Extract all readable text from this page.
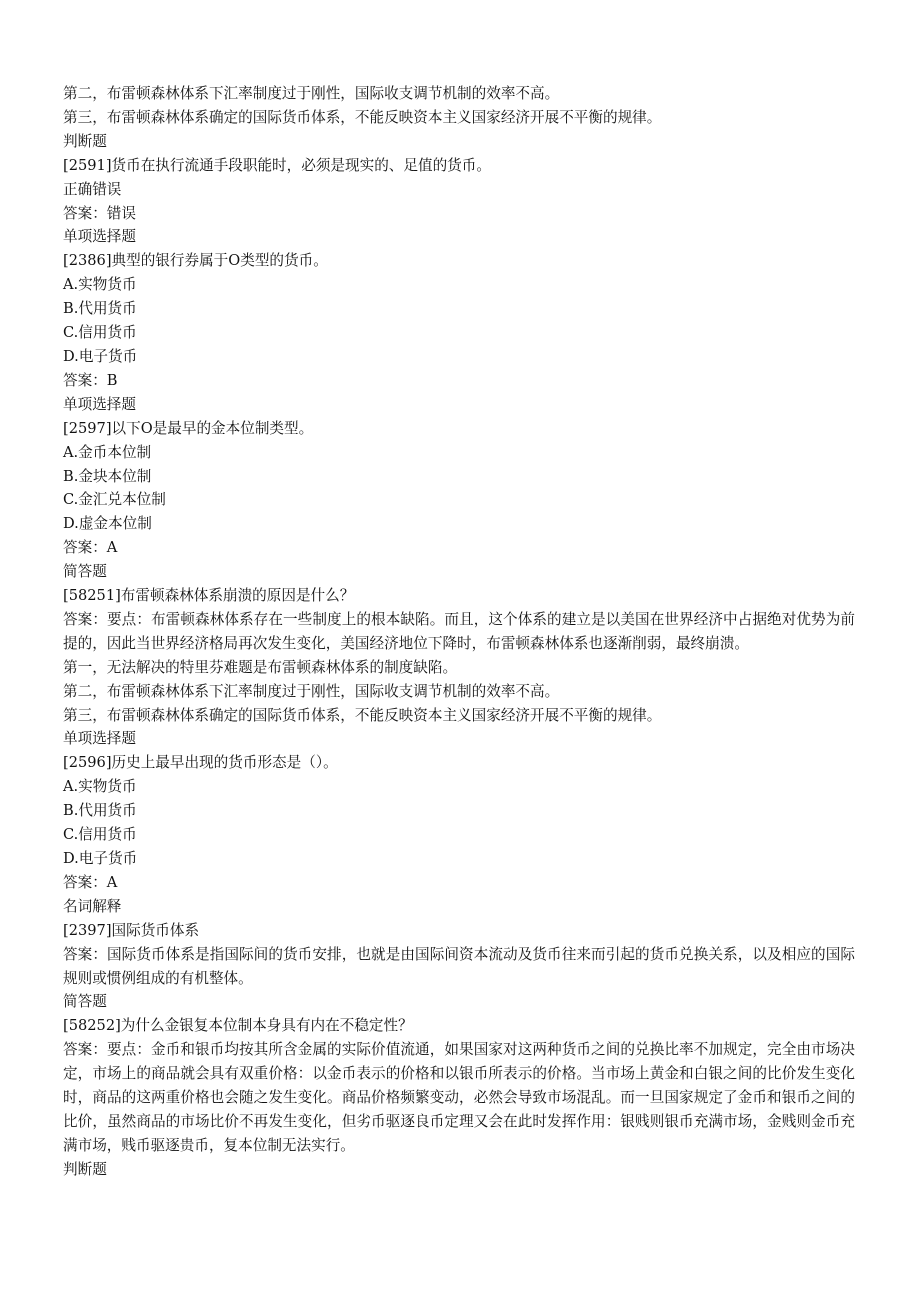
第二，布雷顿森林体系下汇率制度过于刚性，国际收支调节机制的效率不高。

第三，布雷顿森林体系确定的国际货币体系，不能反映资本主义国家经济开展不平衡的规律。

判断题

[2591]货币在执行流通手段职能时，必须是现实的、足值的货币。

正确错误

答案：错误

单项选择题

[2386]典型的银行券属于O类型的货币。

A.实物货币

B.代用货币

C.信用货币

D.电子货币

答案：B

单项选择题

[2597]以下O是最早的金本位制类型。

A.金币本位制

B.金块本位制

C.金汇兑本位制

D.虚金本位制

答案：A

简答题

[58251]布雷顿森林体系崩溃的原因是什么？

答案：要点：布雷顿森林体系存在一些制度上的根本缺陷。而且，这个体系的建立是以美国在世界经济中占据绝对优势为前提的，因此当世界经济格局再次发生变化，美国经济地位下降时，布雷顿森林体系也逐渐削弱，最终崩溃。

第一，无法解决的特里芬难题是布雷顿森林体系的制度缺陷。

第二，布雷顿森林体系下汇率制度过于刚性，国际收支调节机制的效率不高。

第三，布雷顿森林体系确定的国际货币体系，不能反映资本主义国家经济开展不平衡的规律。

单项选择题

[2596]历史上最早出现的货币形态是（）。

A.实物货币

B.代用货币

C.信用货币

D.电子货币

答案：A

名词解释

[2397]国际货币体系

答案：国际货币体系是指国际间的货币安排，也就是由国际间资本流动及货币往来而引起的货币兑换关系，以及相应的国际规则或惯例组成的有机整体。

简答题

[58252]为什么金银复本位制本身具有内在不稳定性？

答案：要点：金币和银币均按其所含金属的实际价值流通，如果国家对这两种货币之间的兑换比率不加规定，完全由市场决定，市场上的商品就会具有双重价格：以金币表示的价格和以银币所表示的价格。当市场上黄金和白银之间的比价发生变化时，商品的这两重价格也会随之发生变化。商品价格频繁变动，必然会导致市场混乱。而一旦国家规定了金币和银币之间的比价，虽然商品的市场比价不再发生变化，但劣币驱逐良币定理又会在此时发挥作用：银贱则银币充满市场，金贱则金币充满市场，贱币驱逐贵币，复本位制无法实行。

判断题
